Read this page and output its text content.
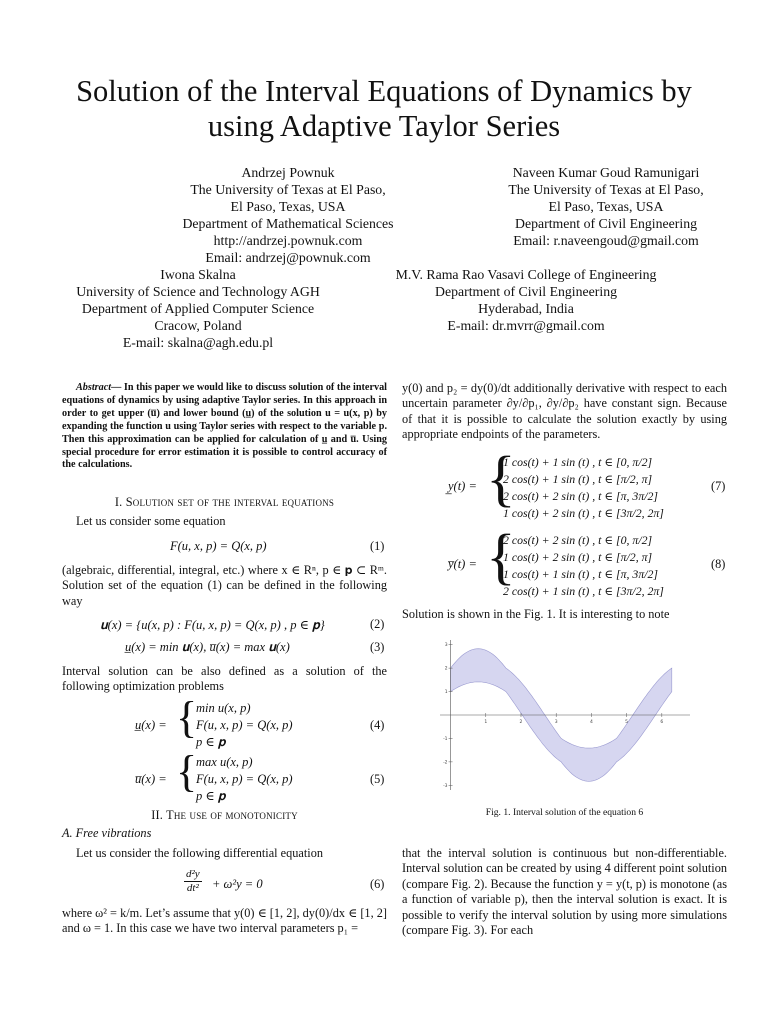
Solution of the Interval Equations of Dynamics by using Adaptive Taylor Series
Andrzej Pownuk
The University of Texas at El Paso,
El Paso, Texas, USA
Department of Mathematical Sciences
http://andrzej.pownuk.com
Email: andrzej@pownuk.com
Naveen Kumar Goud Ramunigari
The University of Texas at El Paso,
El Paso, Texas, USA
Department of Civil Engineering
Email: r.naveengoud@gmail.com
Iwona Skalna
University of Science and Technology AGH
Department of Applied Computer Science
Cracow, Poland
E-mail: skalna@agh.edu.pl
M.V. Rama Rao Vasavi College of Engineering
Department of Civil Engineering
Hyderabad, India
E-mail: dr.mvrr@gmail.com
Abstract— In this paper we would like to discuss solution of the interval equations of dynamics by using adaptive Taylor series. In this approach in order to get upper (u̅) and lower bound (u̲) of the solution u = u(x, p) by expanding the function u using Taylor series with respect to the variable p. Then this approximation can be applied for calculation of u̲ and u̅. Using special procedure for error estimation it is possible to control accuracy of the calculations.
I. Solution set of the interval equations
Let us consider some equation
F(u, x, p) = Q(x, p)	(1)
(algebraic, differential, integral, etc.) where x ∈ Rⁿ, p ∈ 𝐩 ⊂ Rᵐ. Solution set of the equation (1) can be defined in the following way
𝐮(x) = {u(x, p) : F(u, x, p) = Q(x, p) , p ∈ 𝐩}	(2)
u̲(x) = min 𝐮(x), u̅(x) = max 𝐮(x)	(3)
Interval solution can be also defined as a solution of the following optimization problems
u̲(x) = {
min u(x, p)
F(u, x, p) = Q(x, p)
p ∈ 𝐩
(4)
u̅(x) = {
max u(x, p)
F(u, x, p) = Q(x, p)
p ∈ 𝐩
(5)
II. The use of monotonicity
A. Free vibrations
Let us consider the following differential equation
$\frac{\text{d²y}}{\text{dt²}} + \omega^2y = 0$	(6)
where ω² = k/m. Let’s assume that y(0) ∈ [1, 2], dy(0)/dx ∈ [1, 2] and ω = 1. In this case we have two interval parameters p₁ =
y(0) and p₂ = dy(0)/dt additionally derivative with respect to each uncertain parameter ∂y/∂p₁, ∂y/∂p₂ have constant sign. Because of that it is possible to calculate the solution exactly by using appropriate endpoints of the parameters.
y̲(t) = {
1 cos(t) + 1 sin (t) , t ∈ [0, π/2]
2 cos(t) + 1 sin (t) , t ∈ [π/2, π]
2 cos(t) + 2 sin (t) , t ∈ [π, 3π/2]
1 cos(t) + 2 sin (t) , t ∈ [3π/2, 2π]
(7)
y̅(t) = {
2 cos(t) + 2 sin (t) , t ∈ [0, π/2]
1 cos(t) + 2 sin (t) , t ∈ [π/2, π]
1 cos(t) + 1 sin (t) , t ∈ [π, 3π/2]
2 cos(t) + 1 sin (t) , t ∈ [3π/2, 2π]
(8)
Solution is shown in the Fig. 1. It is interesting to note
1	2	3	4	5	6
3
2
1
-1
-2
-3
Fig. 1. Interval solution of the equation 6
that the interval solution is continuous but non-differentiable. Interval solution can be created by using 4 different point solution (compare Fig. 2). Because the function y = y(t, p) is monotone (as a function of variable p), then the interval solution is exact. It is possible to verify the interval solution by using more simulations (compare Fig. 3). For each
